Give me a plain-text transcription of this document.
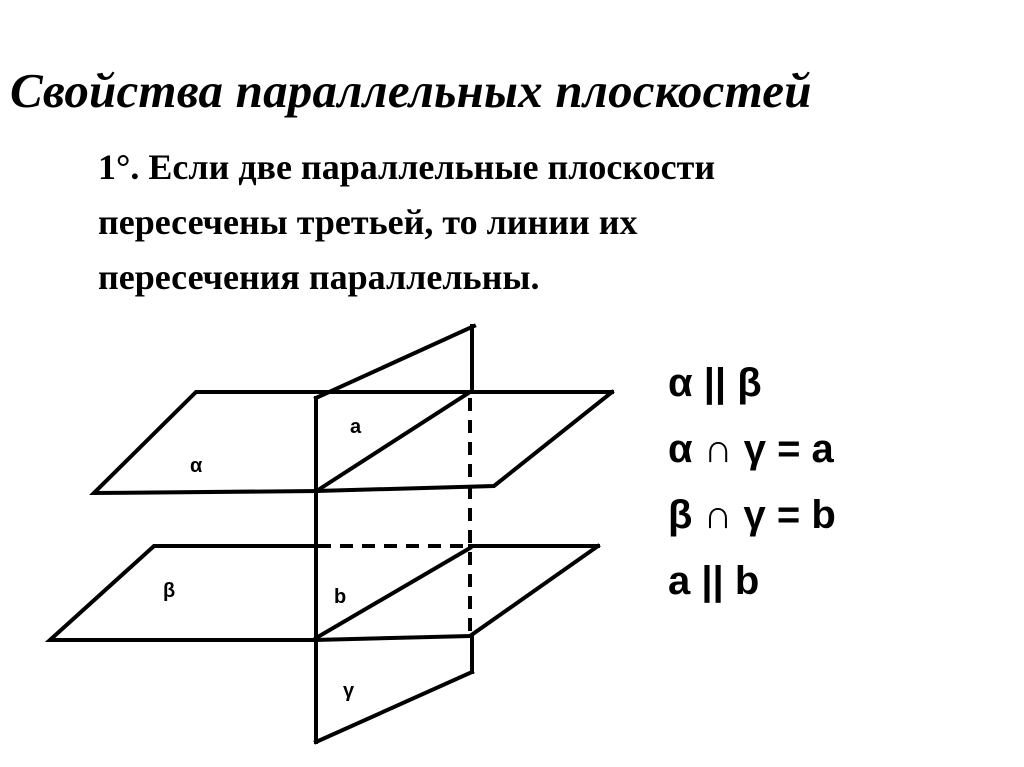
Свойства параллельных плоскостей
1°. Если две параллельные плоскости
пересечены третьей, то линии их
пересечения параллельны.
a
α
β	b
γ
α || β
α ∩ γ = a
β ∩ γ = b
a || b
